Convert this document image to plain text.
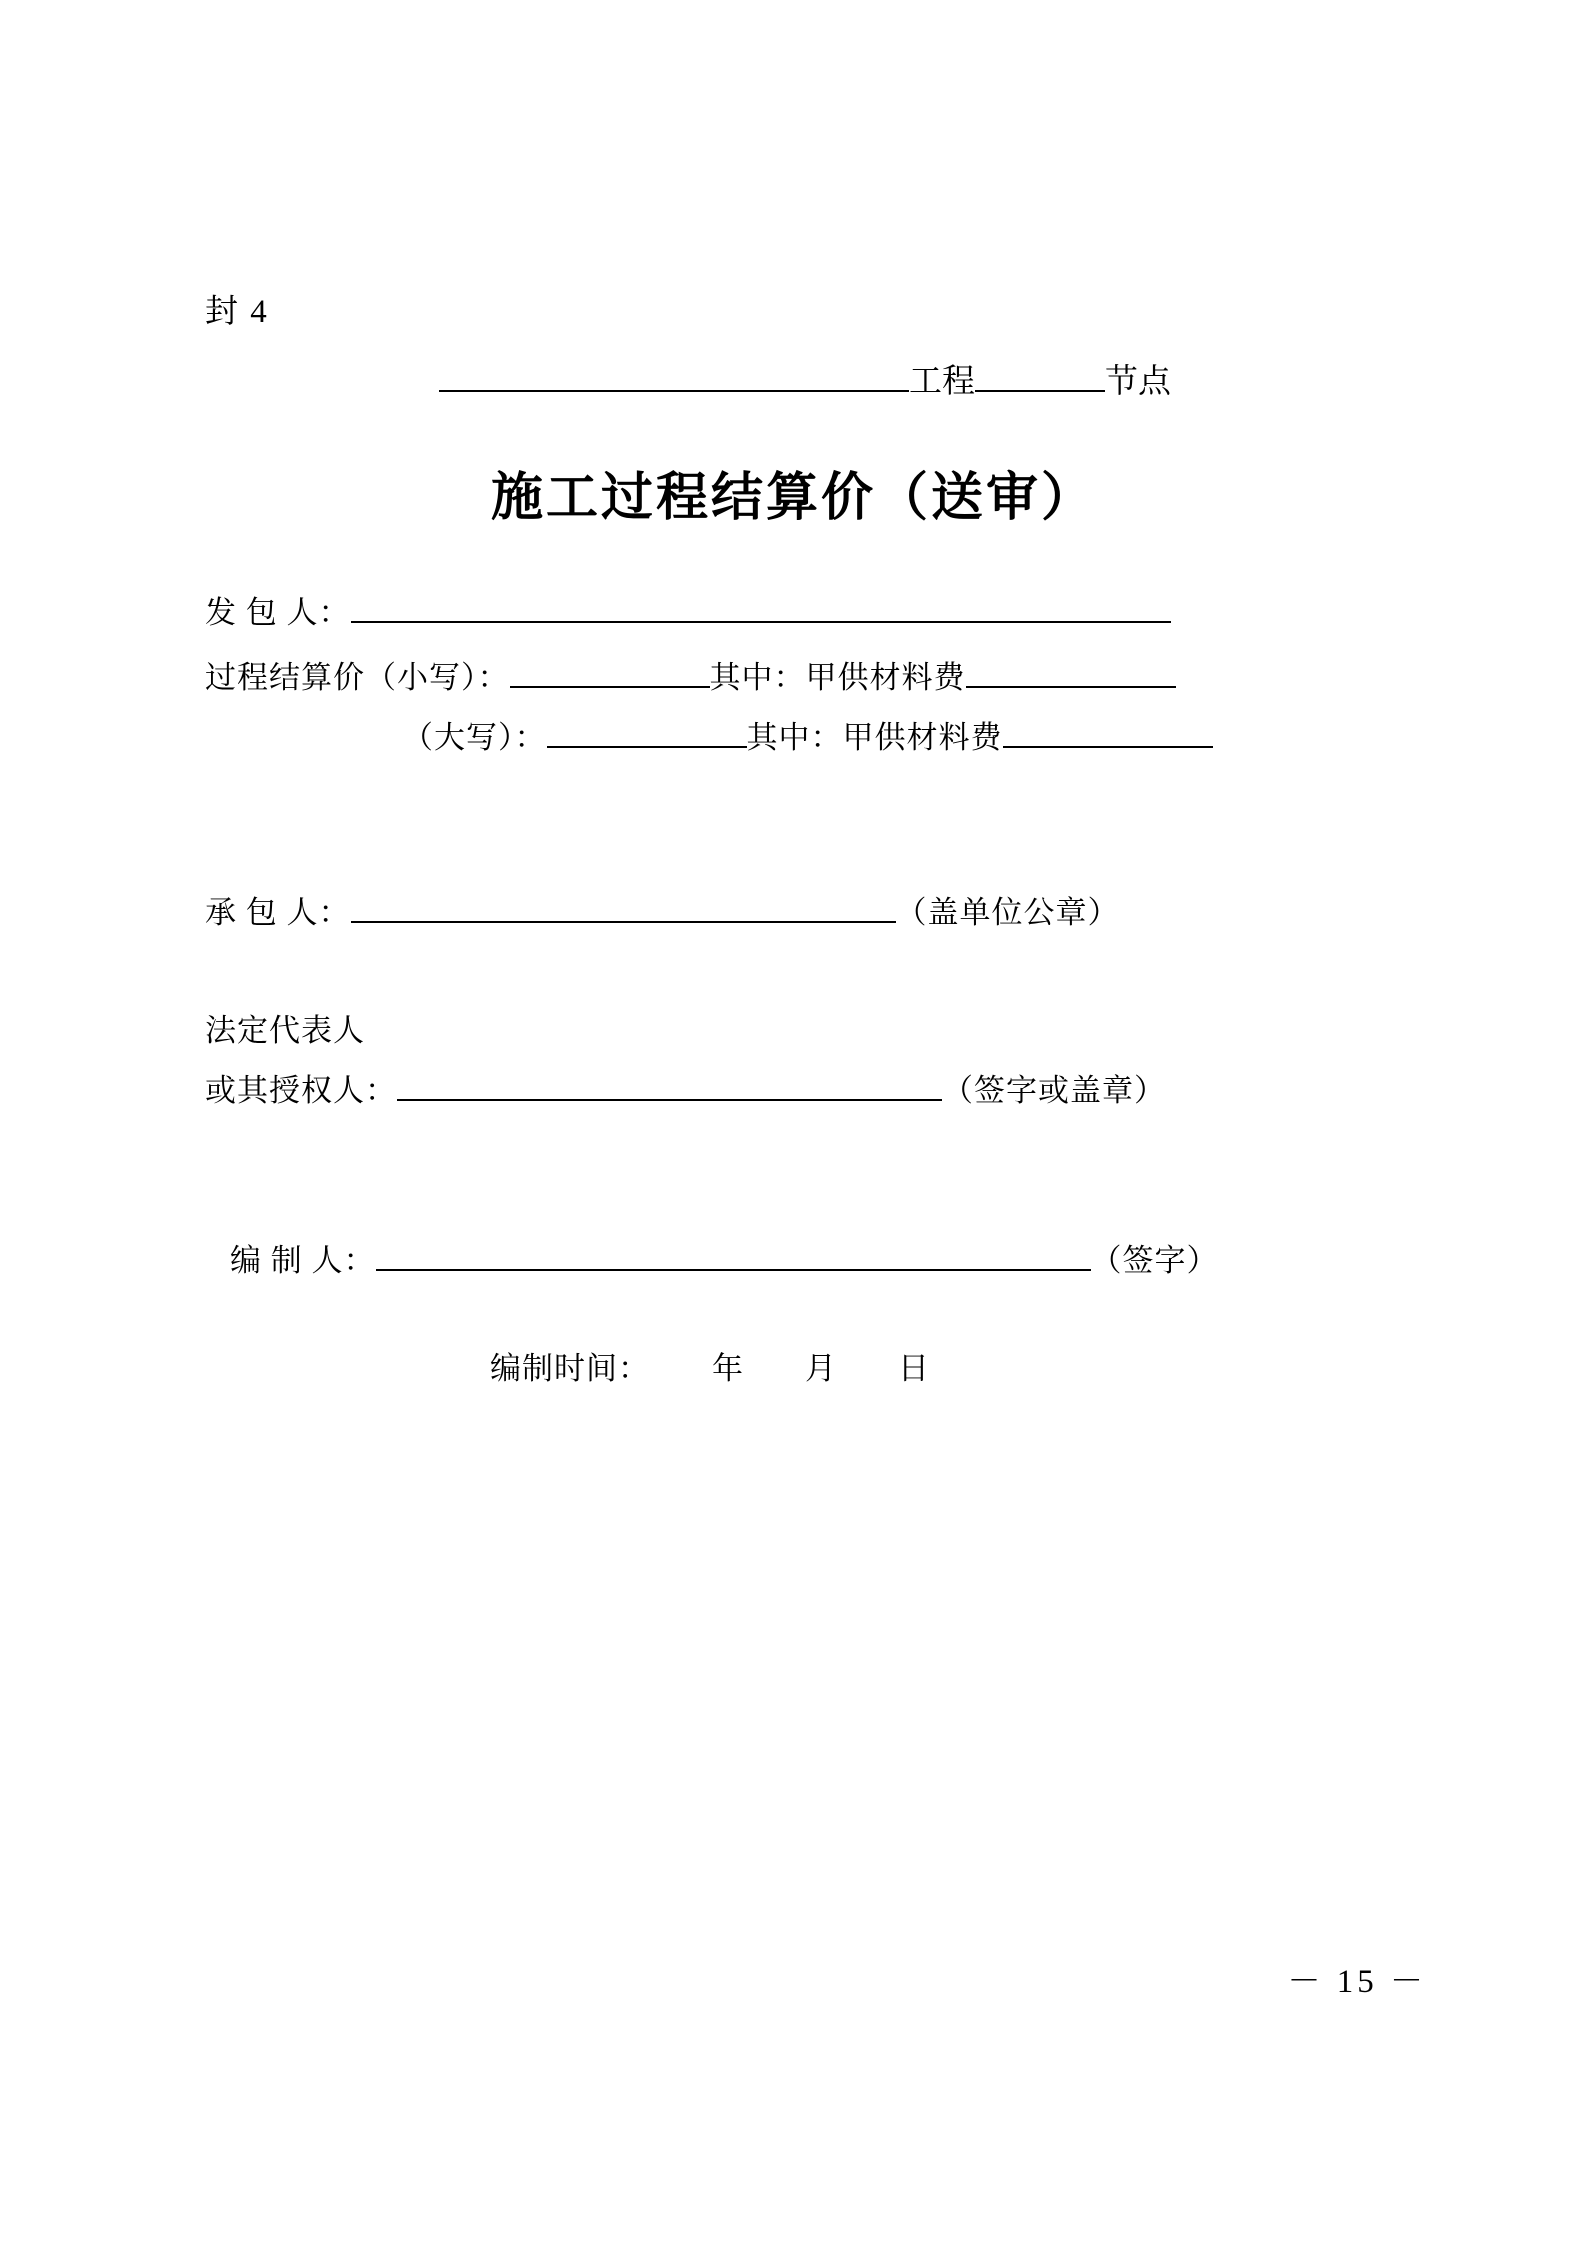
封 4
工程	节点
施工过程结算价（送审）
发 包 人：
过程结算价（小写）：	其中：甲供材料费
（大写）：	其中：甲供材料费
承 包 人：	（盖单位公章）
法定代表人
或其授权人：	（签字或盖章）
编 制 人：	（签字）
编制时间： 年 月 日
－ 15 －
